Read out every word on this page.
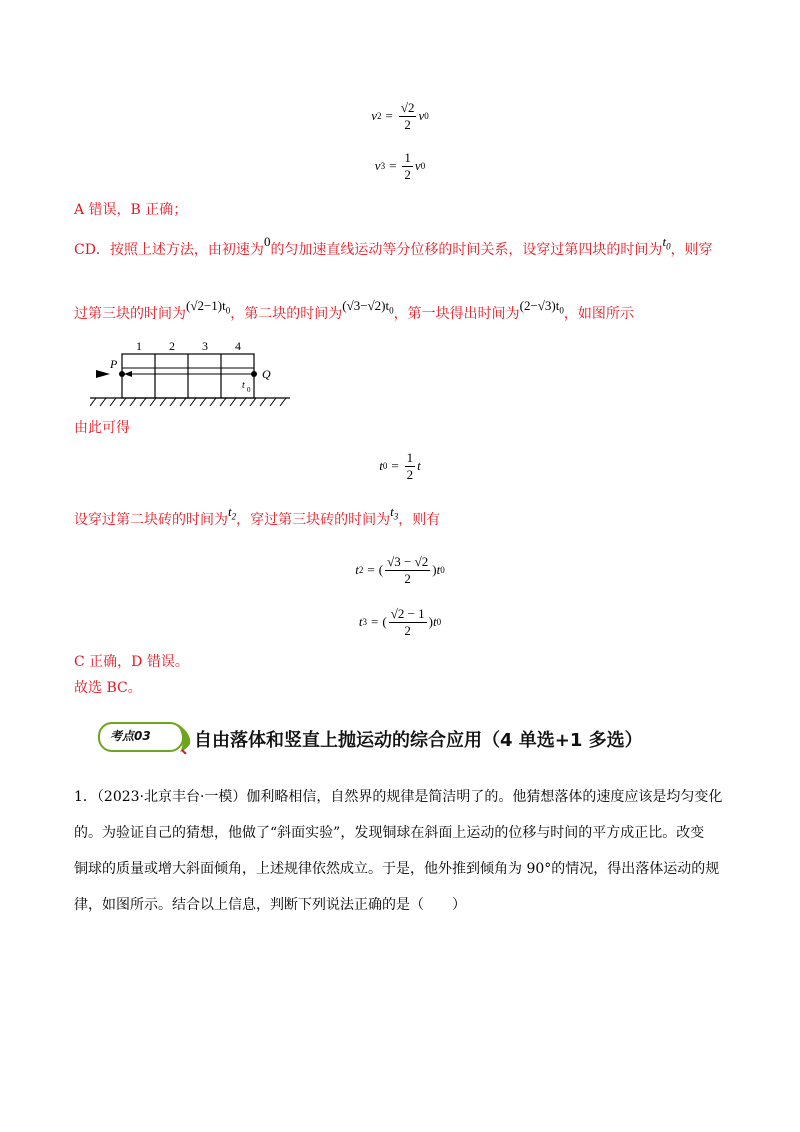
v $2 = \frac{√2}{2}$ v 0
v $3 = \frac{1}{2}$ v 0
A 错误，B 正确；
CD．按照上述方法，由初速为0的匀加速直线运动等分位移的时间关系，设穿过第四块的时间为$t_0$，则穿
过第三块的时间为$(√2-1)t_0$，第二块的时间为$(√3-√2)t_0$，第一块得出时间为$(2-√3)t_0$，如图所示
1 2 3 4
P
Q
t 0
由此可得
t $0 = \frac{1}{2}$ t
设穿过第二块砖的时间为$t_2$，穿过第三块砖的时间为$t_3$，则有
t 2 = ( $\frac{√3 - √2}{2}$ ) t 0
t 3 = ( $\frac{√2 - 1}{2}$ ) t 0
C 正确，D 错误。
故选 BC。
考点03 自由落体和竖直上抛运动的综合应用（4 单选+1 多选）
1．（2023·北京丰台·一模）伽利略相信，自然界的规律是简洁明了的。他猜想落体的速度应该是均匀变化
的。为验证自己的猜想，他做了“斜面实验”，发现铜球在斜面上运动的位移与时间的平方成正比。改变
铜球的质量或增大斜面倾角，上述规律依然成立。于是，他外推到倾角为 90°的情况，得出落体运动的规
律，如图所示。结合以上信息，判断下列说法正确的是（　　）
